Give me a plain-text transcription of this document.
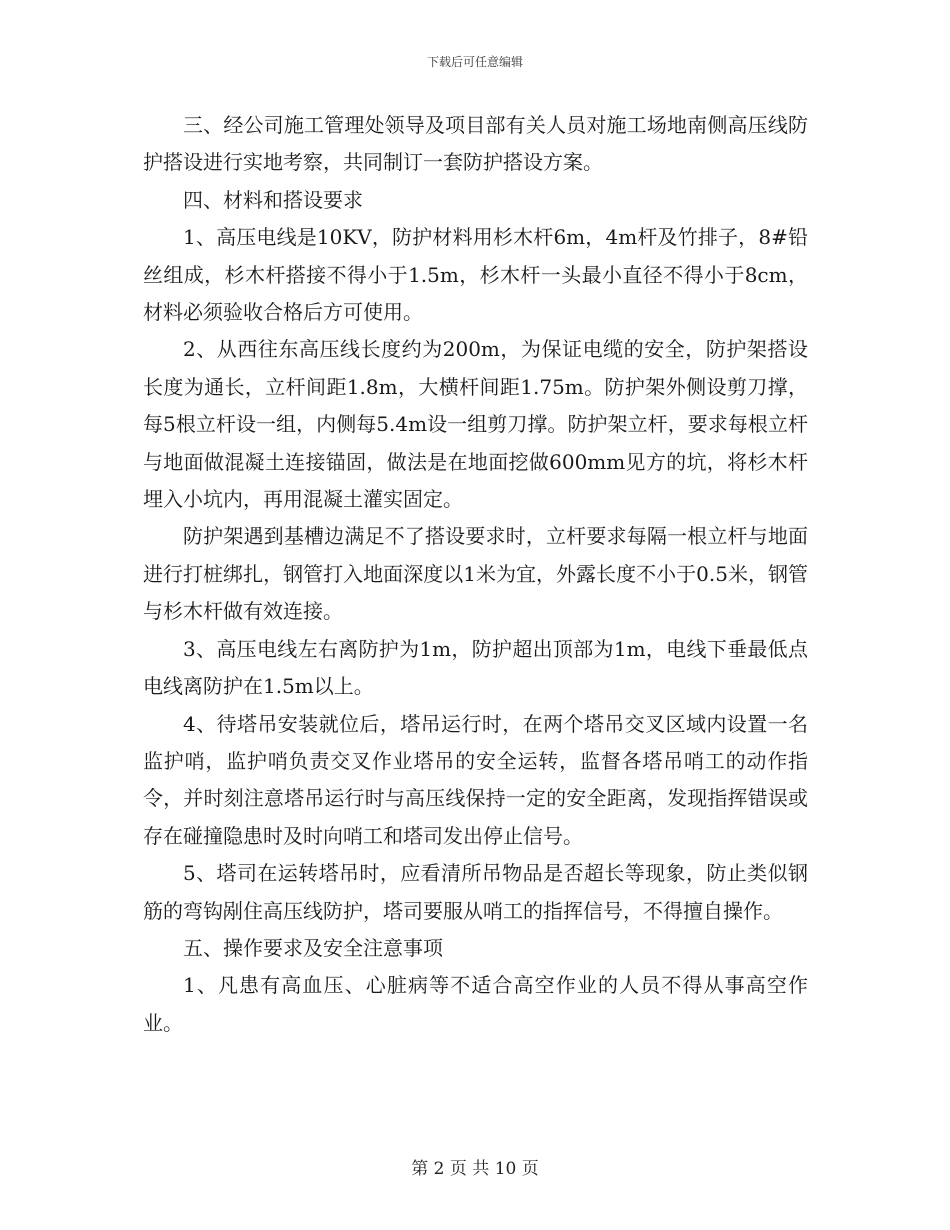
下载后可任意编辑

三、经公司施工管理处领导及项目部有关人员对施工场地南侧高压线防护搭设进行实地考察，共同制订一套防护搭设方案。

四、材料和搭设要求

1、高压电线是10KV，防护材料用杉木杆6m，4m杆及竹排子，8#铅丝组成，杉木杆搭接不得小于1.5m，杉木杆一头最小直径不得小于8cm，材料必须验收合格后方可使用。

2、从西往东高压线长度约为200m，为保证电缆的安全，防护架搭设长度为通长，立杆间距1.8m，大横杆间距1.75m。防护架外侧设剪刀撑，每5根立杆设一组，内侧每5.4m设一组剪刀撑。防护架立杆，要求每根立杆与地面做混凝土连接锚固，做法是在地面挖做600mm见方的坑，将杉木杆埋入小坑内，再用混凝土灌实固定。

防护架遇到基槽边满足不了搭设要求时，立杆要求每隔一根立杆与地面进行打桩绑扎，钢管打入地面深度以1米为宜，外露长度不小于0.5米，钢管与杉木杆做有效连接。

3、高压电线左右离防护为1m，防护超出顶部为1m，电线下垂最低点电线离防护在1.5m以上。

4、待塔吊安装就位后，塔吊运行时，在两个塔吊交叉区域内设置一名监护哨，监护哨负责交叉作业塔吊的安全运转，监督各塔吊哨工的动作指令，并时刻注意塔吊运行时与高压线保持一定的安全距离，发现指挥错误或存在碰撞隐患时及时向哨工和塔司发出停止信号。

5、塔司在运转塔吊时，应看清所吊物品是否超长等现象，防止类似钢筋的弯钩剐住高压线防护，塔司要服从哨工的指挥信号，不得擅自操作。

五、操作要求及安全注意事项

1、凡患有高血压、心脏病等不适合高空作业的人员不得从事高空作业。

第 2 页 共 10 页
